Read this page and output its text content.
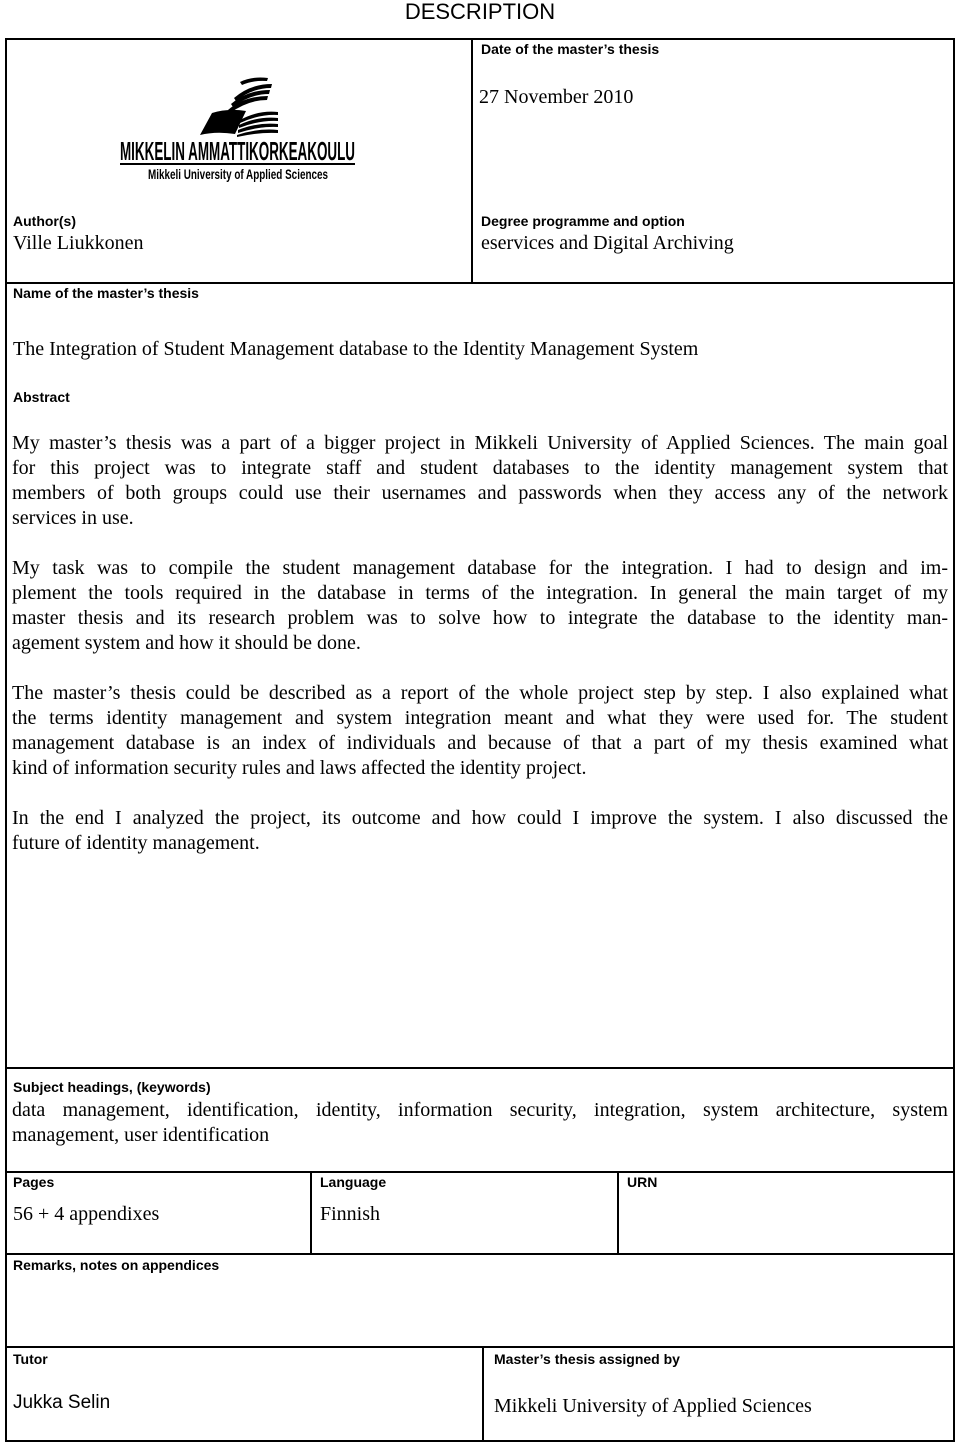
DESCRIPTION
MIKKELIN AMMATTIKORKEAKOULU
Mikkeli University of Applied Sciences
Date of the master’s thesis
27 November 2010
Author(s)
Ville Liukkonen
Degree programme and option
eservices and Digital Archiving
Name of the master’s thesis
The Integration of Student Management database to the Identity Management System
Abstract
My master’s thesis was a part of a bigger project in Mikkeli University of Applied Sciences. The main goal
for this project was to integrate staff and student databases to the identity management system that
members of both groups could use their usernames and passwords when they access any of the network
services in use.
My task was to compile the student management database for the integration. I had to design and im-
plement the tools required in the database in terms of the integration. In general the main target of my
master thesis and its research problem was to solve how to integrate the database to the identity man-
agement system and how it should be done.
The master’s thesis could be described as a report of the whole project step by step. I also explained what
the terms identity management and system integration meant and what they were used for. The student
management database is an index of individuals and because of that a part of my thesis examined what
kind of information security rules and laws affected the identity project.
In the end I analyzed the project, its outcome and how could I improve the system. I also discussed the
future of identity management.
Subject headings, (keywords)
data management, identification, identity, information security, integration, system architecture, system
management, user identification
Pages
56 + 4 appendixes
Language
Finnish
URN
Remarks, notes on appendices
Tutor
Jukka Selin
Master’s thesis assigned by
Mikkeli University of Applied Sciences
